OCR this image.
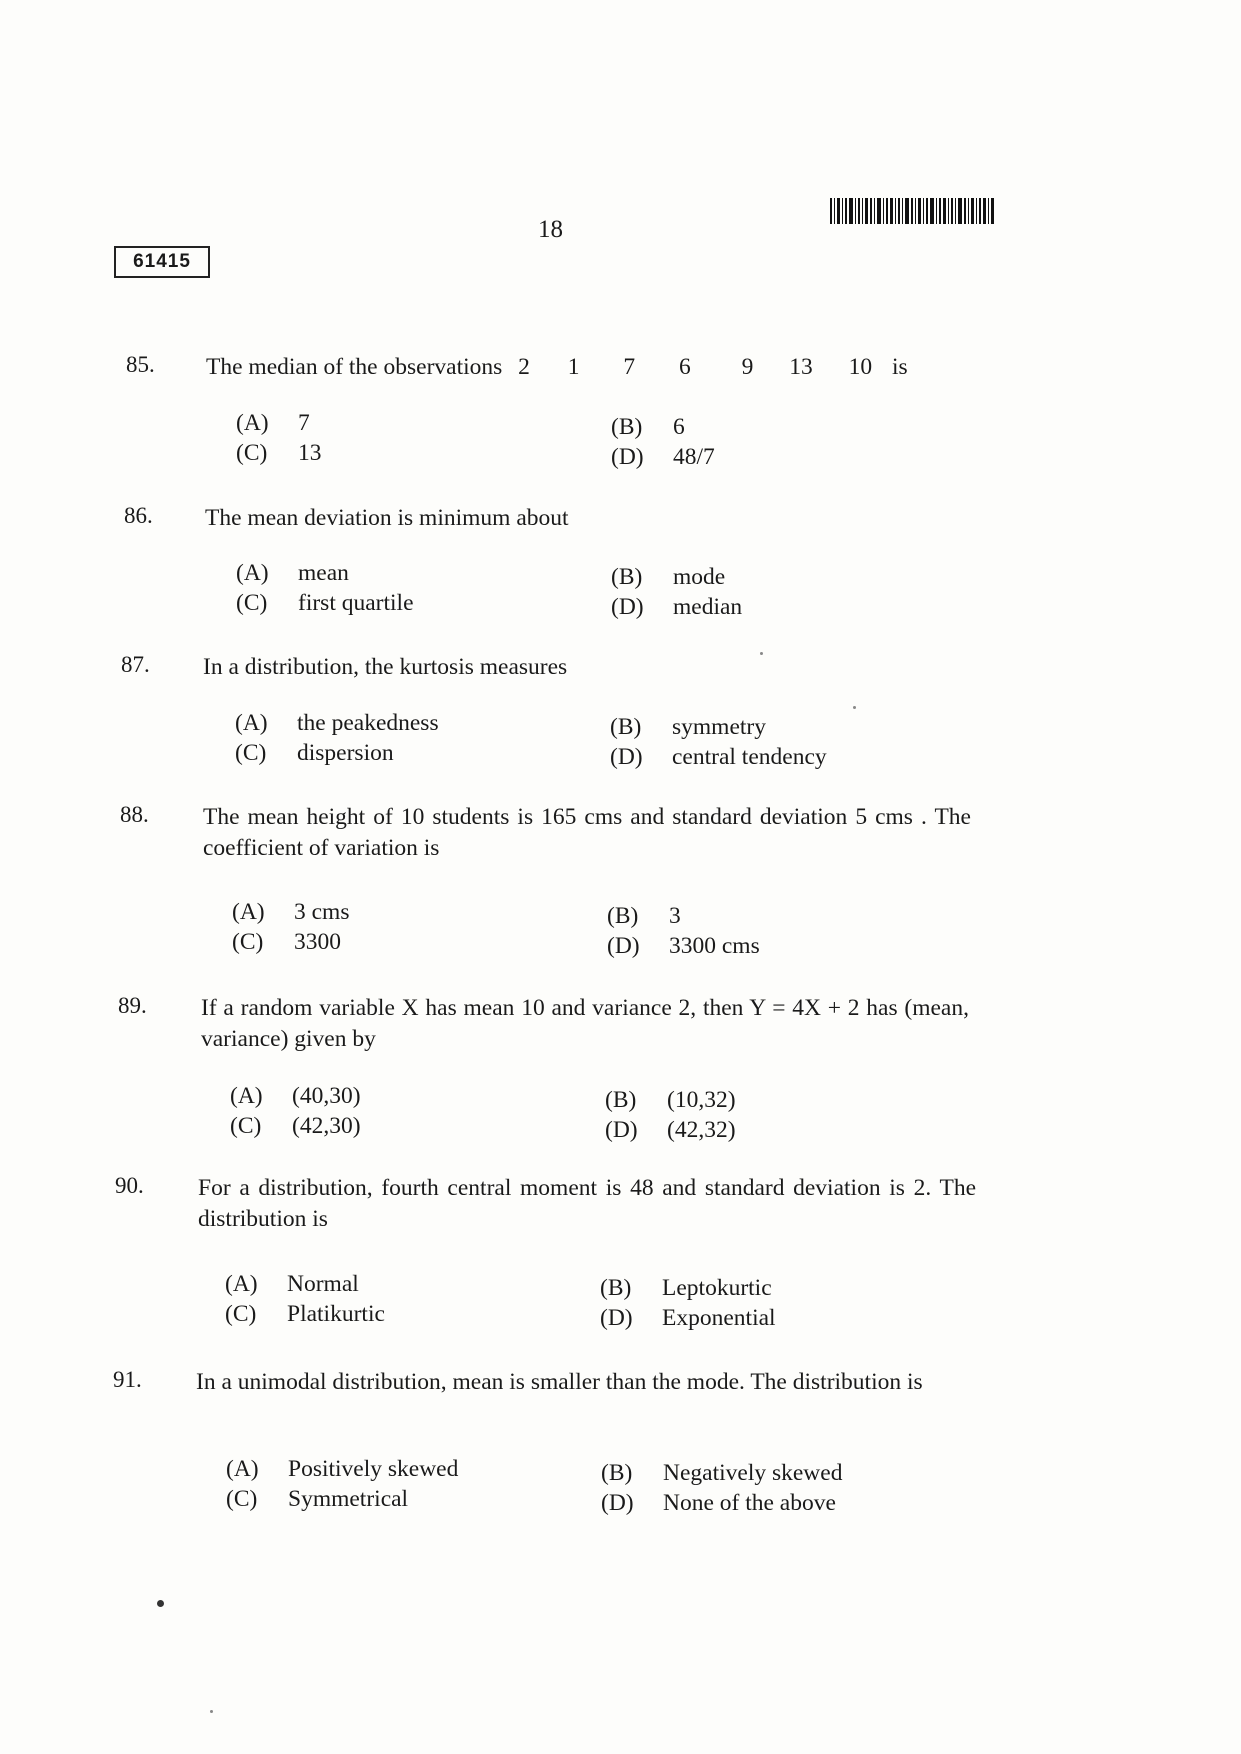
18
61415
85. The median of the observations 2 1 7 6 9 13 10 is
(A) 7	(B) 6
(C) 13	(D) 48/7
86. The mean deviation is minimum about
(A) mean	(B) mode
(C) first quartile	(D) median
87. In a distribution, the kurtosis measures
(A) the peakedness	(B) symmetry
(C) dispersion	(D) central tendency
88. The mean height of 10 students is 165 cms and standard deviation 5 cms . The coefficient of variation is
(A) 3 cms	(B) 3
(C) 3300	(D) 3300 cms
89. If a random variable X has mean 10 and variance 2, then Y = 4X + 2 has (mean, variance) given by
(A) (40,30)	(B) (10,32)
(C) (42,30)	(D) (42,32)
90. For a distribution, fourth central moment is 48 and standard deviation is 2. The distribution is
(A) Normal	(B) Leptokurtic
(C) Platikurtic	(D) Exponential
91. In a unimodal distribution, mean is smaller than the mode. The distribution is
(A) Positively skewed	(B) Negatively skewed
(C) Symmetrical	(D) None of the above
